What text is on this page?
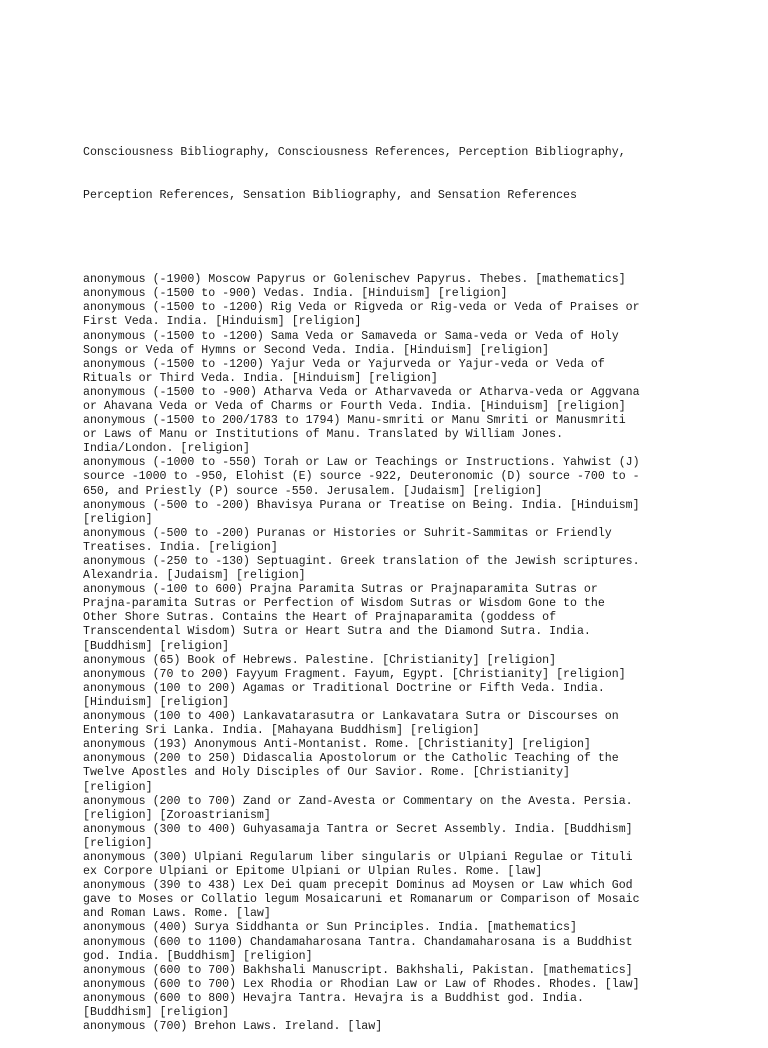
Consciousness Bibliography, Consciousness References, Perception Bibliography,

Perception References, Sensation Bibliography, and Sensation References

anonymous (-1900) Moscow Papyrus or Golenischev Papyrus. Thebes. [mathematics]
anonymous (-1500 to -900) Vedas. India. [Hinduism] [religion]
anonymous (-1500 to -1200) Rig Veda or Rigveda or Rig-veda or Veda of Praises or
First Veda. India. [Hinduism] [religion]
anonymous (-1500 to -1200) Sama Veda or Samaveda or Sama-veda or Veda of Holy
Songs or Veda of Hymns or Second Veda. India. [Hinduism] [religion]
anonymous (-1500 to -1200) Yajur Veda or Yajurveda or Yajur-veda or Veda of
Rituals or Third Veda. India. [Hinduism] [religion]
anonymous (-1500 to -900) Atharva Veda or Atharvaveda or Atharva-veda or Aggvana
or Ahavana Veda or Veda of Charms or Fourth Veda. India. [Hinduism] [religion]
anonymous (-1500 to 200/1783 to 1794) Manu-smriti or Manu Smriti or Manusmriti
or Laws of Manu or Institutions of Manu. Translated by William Jones.
India/London. [religion]
anonymous (-1000 to -550) Torah or Law or Teachings or Instructions. Yahwist (J)
source -1000 to -950, Elohist (E) source -922, Deuteronomic (D) source -700 to -
650, and Priestly (P) source -550. Jerusalem. [Judaism] [religion]
anonymous (-500 to -200) Bhavisya Purana or Treatise on Being. India. [Hinduism]
[religion]
anonymous (-500 to -200) Puranas or Histories or Suhrit-Sammitas or Friendly
Treatises. India. [religion]
anonymous (-250 to -130) Septuagint. Greek translation of the Jewish scriptures.
Alexandria. [Judaism] [religion]
anonymous (-100 to 600) Prajna Paramita Sutras or Prajnaparamita Sutras or
Prajna-paramita Sutras or Perfection of Wisdom Sutras or Wisdom Gone to the
Other Shore Sutras. Contains the Heart of Prajnaparamita (goddess of
Transcendental Wisdom) Sutra or Heart Sutra and the Diamond Sutra. India.
[Buddhism] [religion]
anonymous (65) Book of Hebrews. Palestine. [Christianity] [religion]
anonymous (70 to 200) Fayyum Fragment. Fayum, Egypt. [Christianity] [religion]
anonymous (100 to 200) Agamas or Traditional Doctrine or Fifth Veda. India.
[Hinduism] [religion]
anonymous (100 to 400) Lankavatarasutra or Lankavatara Sutra or Discourses on
Entering Sri Lanka. India. [Mahayana Buddhism] [religion]
anonymous (193) Anonymous Anti-Montanist. Rome. [Christianity] [religion]
anonymous (200 to 250) Didascalia Apostolorum or the Catholic Teaching of the
Twelve Apostles and Holy Disciples of Our Savior. Rome. [Christianity]
[religion]
anonymous (200 to 700) Zand or Zand-Avesta or Commentary on the Avesta. Persia.
[religion] [Zoroastrianism]
anonymous (300 to 400) Guhyasamaja Tantra or Secret Assembly. India. [Buddhism]
[religion]
anonymous (300) Ulpiani Regularum liber singularis or Ulpiani Regulae or Tituli
ex Corpore Ulpiani or Epitome Ulpiani or Ulpian Rules. Rome. [law]
anonymous (390 to 438) Lex Dei quam precepit Dominus ad Moysen or Law which God
gave to Moses or Collatio legum Mosaicaruni et Romanarum or Comparison of Mosaic
and Roman Laws. Rome. [law]
anonymous (400) Surya Siddhanta or Sun Principles. India. [mathematics]
anonymous (600 to 1100) Chandamaharosana Tantra. Chandamaharosana is a Buddhist
god. India. [Buddhism] [religion]
anonymous (600 to 700) Bakhshali Manuscript. Bakhshali, Pakistan. [mathematics]
anonymous (600 to 700) Lex Rhodia or Rhodian Law or Law of Rhodes. Rhodes. [law]
anonymous (600 to 800) Hevajra Tantra. Hevajra is a Buddhist god. India.
[Buddhism] [religion]
anonymous (700) Brehon Laws. Ireland. [law]
